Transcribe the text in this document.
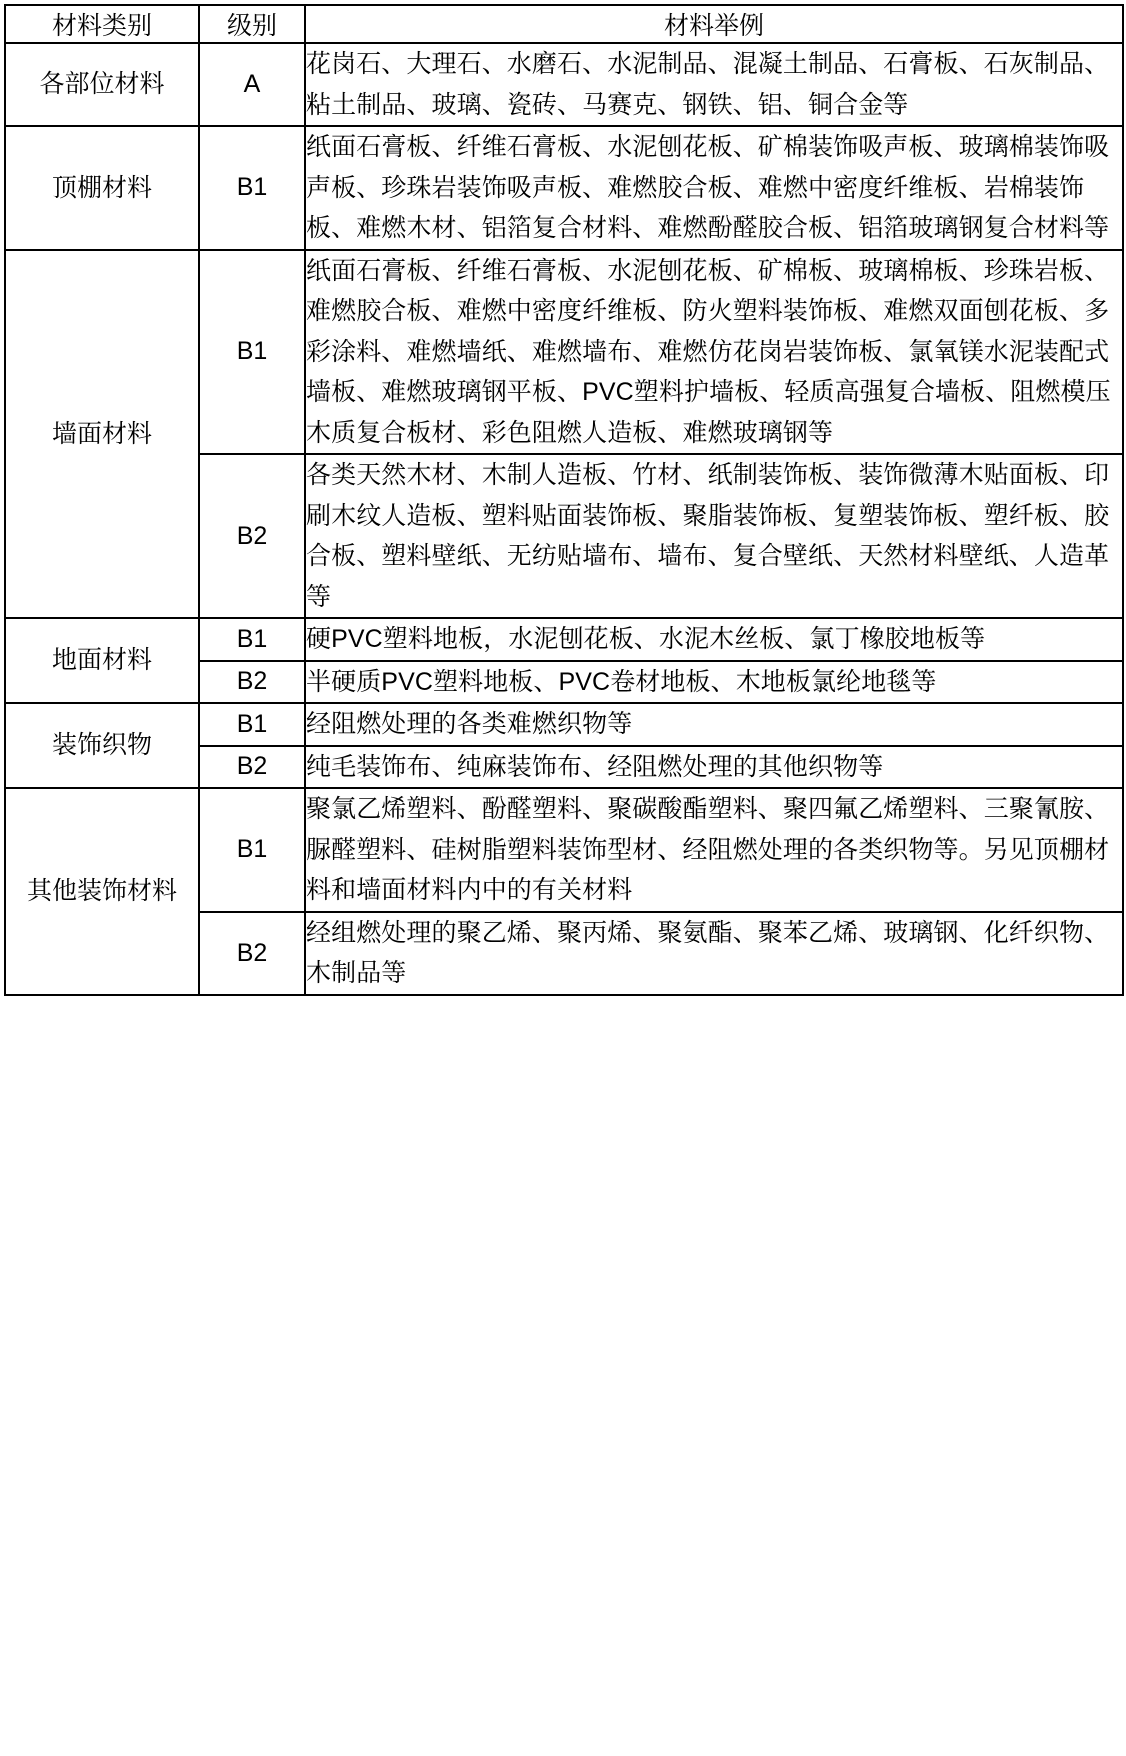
材料类别	级别	材料举例
各部位材料	A	花岗石、大理石、水磨石、水泥制品、混凝土制品、石膏板、石灰制品、粘土制品、玻璃、瓷砖、马赛克、钢铁、铝、铜合金等
顶棚材料	B1	纸面石膏板、纤维石膏板、水泥刨花板、矿棉装饰吸声板、玻璃棉装饰吸声板、珍珠岩装饰吸声板、难燃胶合板、难燃中密度纤维板、岩棉装饰板、难燃木材、铝箔复合材料、难燃酚醛胶合板、铝箔玻璃钢复合材料等
墙面材料	B1	纸面石膏板、纤维石膏板、水泥刨花板、矿棉板、玻璃棉板、珍珠岩板、难燃胶合板、难燃中密度纤维板、防火塑料装饰板、难燃双面刨花板、多彩涂料、难燃墙纸、难燃墙布、难燃仿花岗岩装饰板、氯氧镁水泥装配式墙板、难燃玻璃钢平板、PVC塑料护墙板、轻质高强复合墙板、阻燃模压木质复合板材、彩色阻燃人造板、难燃玻璃钢等
	B2	各类天然木材、木制人造板、竹材、纸制装饰板、装饰微薄木贴面板、印刷木纹人造板、塑料贴面装饰板、聚脂装饰板、复塑装饰板、塑纤板、胶合板、塑料壁纸、无纺贴墙布、墙布、复合壁纸、天然材料壁纸、人造革等
地面材料	B1	硬PVC塑料地板，水泥刨花板、水泥木丝板、氯丁橡胶地板等
	B2	半硬质PVC塑料地板、PVC卷材地板、木地板氯纶地毯等
装饰织物	B1	经阻燃处理的各类难燃织物等
	B2	纯毛装饰布、纯麻装饰布、经阻燃处理的其他织物等
其他装饰材料	B1	聚氯乙烯塑料、酚醛塑料、聚碳酸酯塑料、聚四氟乙烯塑料、三聚氰胺、脲醛塑料、硅树脂塑料装饰型材、经阻燃处理的各类织物等。另见顶棚材料和墙面材料内中的有关材料
	B2	经组燃处理的聚乙烯、聚丙烯、聚氨酯、聚苯乙烯、玻璃钢、化纤织物、木制品等
